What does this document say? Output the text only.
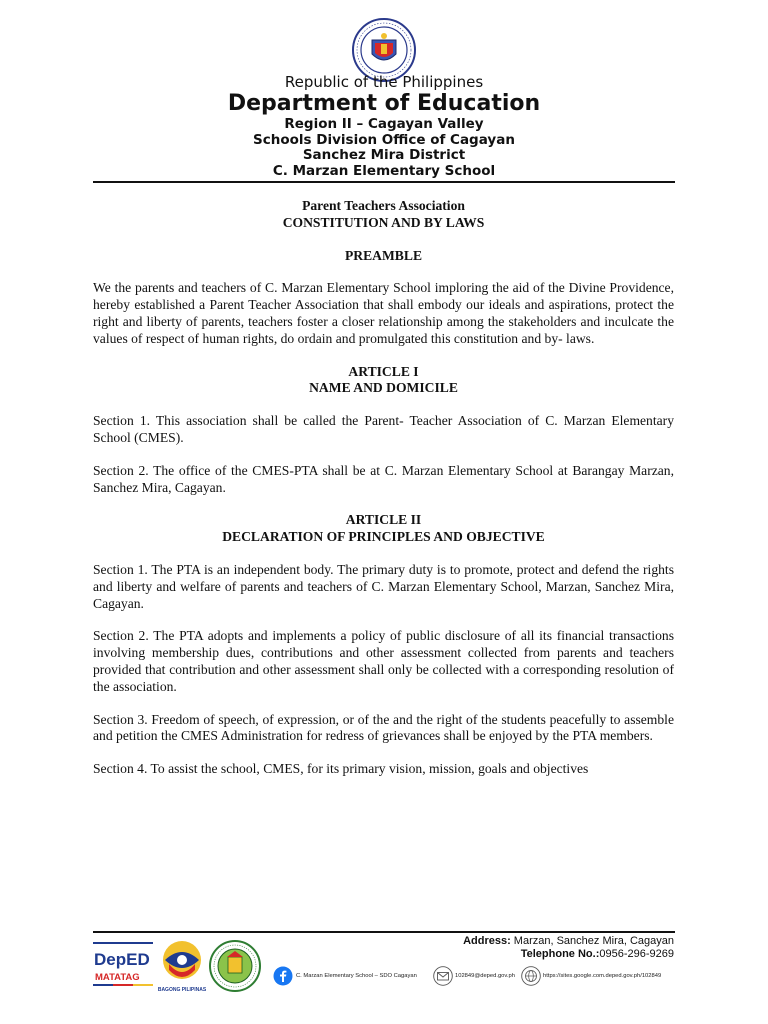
Republic of the Philippines
Department of Education
Region II – Cagayan Valley
Schools Division Office of Cagayan
Sanchez Mira District
C. Marzan Elementary School

Parent Teachers Association

CONSTITUTION AND BY LAWS

PREAMBLE

We the parents and teachers of C. Marzan Elementary School imploring the aid of the Divine Providence, hereby established a Parent Teacher Association that shall embody our ideals and aspirations, protect the right and liberty of parents, teachers foster a closer relationship among the stakeholders and inculcate the values of respect of human rights, do ordain and promulgated this constitution and by- laws.

ARTICLE I

NAME AND DOMICILE

Section 1. This association shall be called the Parent- Teacher Association of C. Marzan Elementary School (CMES).

Section 2. The office of the CMES-PTA shall be at C. Marzan Elementary School at Barangay Marzan, Sanchez Mira, Cagayan.

ARTICLE II

DECLARATION OF PRINCIPLES AND OBJECTIVE

Section 1. The PTA is an independent body. The primary duty is to promote, protect and defend the rights and liberty and welfare of parents and teachers of C. Marzan Elementary School, Marzan, Sanchez Mira, Cagayan.

Section 2. The PTA adopts and implements a policy of public disclosure of all its financial transactions involving membership dues, contributions and other assessment collected from parents and teachers provided that contribution and other assessment shall only be collected with a corresponding resolution of the association.

Section 3. Freedom of speech, of expression, or of the and the right of the students peacefully to assemble and petition the CMES Administration for redress of grievances shall be enjoyed by the PTA members.

Section 4. To assist the school, CMES, for its primary vision, mission, goals and objectives

Address: Marzan, Sanchez Mira, Cagayan
Telephone No.:0956-296-9269
DepED
MATATAG
BAGONG PILIPINAS
C. Marzan Elementary School – SDO Cagayan	102849@deped.gov.ph	https://sites.google.com.deped.gov.ph/102849
